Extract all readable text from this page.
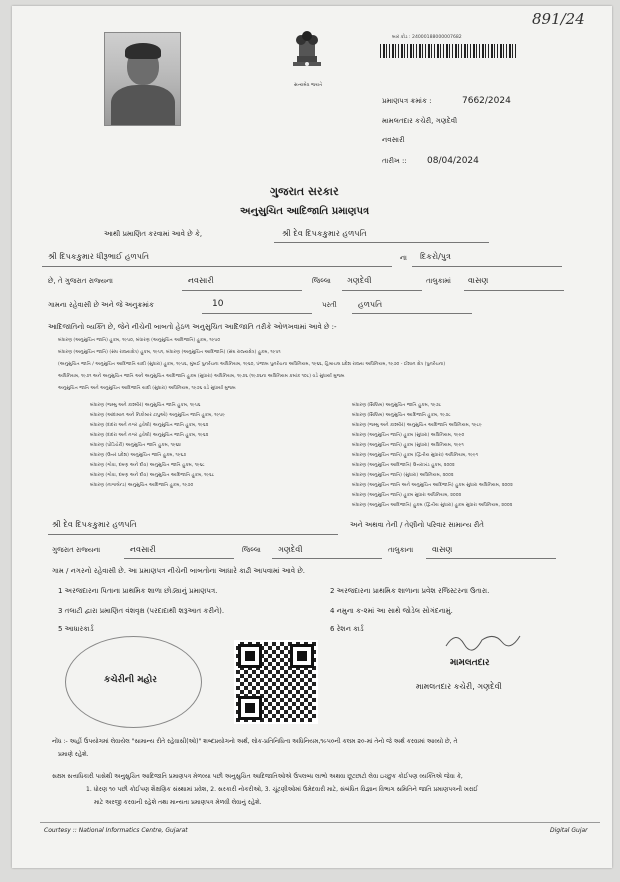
સત્યમેવ જયતે
બાર કોડ : 24000188000007682
891/24
પ્રમાણપત્ર ક્રમાંક :	7662/2024
મામલતદાર કચેરી, ગણદેવી
નવસારી
તારીખ :: 08/04/2024
ગુજરાત સરકાર
અનુસુચિત આદિજાતિ પ્રમાણપત્ર
આથી પ્રમાણિત કરવામાં આવે છે કે,	શ્રી દેવ દિપકકુમાર હળપતિ
શ્રી દિપકકુમાર ધીરૂભાઈ હળપતિ	ના દિકરો/પુત્ર
છે, તે ગુજરાત રાજ્યના	નવસારી	જિલ્લા ગણદેવી	તાલુકામાં વાસણ
ગામના રહેવાસી છે અને જે અનુક્રમાંક	10	પરતી	હળપતિ
આદિજાતિનો વ્યક્તિ છે, જેને નીચેની બાબતો હેઠળ અનુસુચિત આદિજાતિ તરીકે ઓળખવામાં આવે છે :-
બંધારણ (અનુસુચિત જાતિ) હુકમ, ૧૯૫૦, બંધારણ (અનુસુચિત આદિજાતિ) હુકમ, ૧૯૫૦
બંધારણ (અનુસુચિત જાતિ) (સંઘ રાજ્યક્ષેત્ર) હુકમ, ૧૯૫૧, બંધારણ (અનુસુચિત આદિજાતિ) (સંઘ રાજ્યક્ષેત્ર) હુકમ, ૧૯૫૧
(અનુસુચિત જાતિ / અનુસુચિત આદિજાતિ યાદી (સુધારા) હુકમ, ૧૯૫૬, મુંબઈ પુનર્રચના અધિનિયમ, ૧૯૬૦, પંજાબ પુનર્રચના અધિનિયમ, ૧૯૬૬, હિમાચલ પ્રદેશ રાજ્ય અધિનિયમ, ૧૯૭૦ - ઈશાન ક્ષેત્ર (પુનર્રચના)
અધિનિયમ, ૧૯૭૧ અને અનુસુચિત જાતિ અને અનુસુચિત આદિજાતિ હુકમ (સુધારા) અધિનિયમ, ૧૯૭૬ (૧૯૭૬ના અધિનિયમ ક્રમાંક ૧૦૮) વડે સુધાર્યા મુજબ
અનુસુચિત જાતિ અને અનુસુચિત આદિજાતિ યાદી (સુધારા) અધિનિયમ, ૧૯૭૬ વડે સુધાર્યા મુજબ
બંધારણ (જમ્મુ અને કાશ્મીર) અનુસુચિત જાતિ હુકમ, ૧૯૫૬
બંધારણ (આંદામાન અને નિકોબાર ટાપુઓ) અનુસુચિત જાતિ હુકમ, ૧૯૫૯
બંધારણ (દાદરા અને નગર હવેલી) અનુસુચિત જાતિ હુકમ, ૧૯૬૨
બંધારણ (દાદરા અને નગર હવેલી) અનુસુચિત જાતિ હુકમ, ૧૯૬૨
બંધારણ (પોંડિચેરી) અનુસુચિત જાતિ હુકમ, ૧૯૬૪
બંધારણ (ઉત્તર પ્રદેશ) અનુસુચિત જાતિ હુકમ, ૧૯૬૭
બંધારણ (ગોવા, દમણ અને દીવ) અનુસુચિત જાતિ હુકમ, ૧૯૬૮
બંધારણ (ગોવા, દમણ અને દીવ) અનુસુચિત આદિજાતિ હુકમ, ૧૯૬૮
બંધારણ (નાગાલેન્ડ) અનુસુચિત આદિજાતિ હુકમ, ૧૯૭૦
બંધારણ (સિક્કિમ) અનુસુચિત જાતિ હુકમ, ૧૯૭૮
બંધારણ (સિક્કિમ) અનુસુચિત આદિજાતિ હુકમ, ૧૯૭૮
બંધારણ (જમ્મુ અને કાશ્મીર) અનુસુચિત આદિજાતિ અધિનિયમ, ૧૯૮૯
બંધારણ (અનુસુચિત જાતિ) હુકમ (સુધારા) અધિનિયમ, ૧૯૯૦
બંધારણ (અનુસુચિત જાતિ) હુકમ (સુધારા) અધિનિયમ, ૧૯૯૧
બંધારણ (અનુસુચિત જાતિ) હુકમ (દ્વિતીય સુધારા) અધિનિયમ, ૧૯૯૧
બંધારણ (અનુસુચિત આદિજાતિ) ઉત્તરાખંડ હુકમ, ૨૦૦૨
બંધારણ (અનુસુચિત જાતિ) (સુધારા) અધિનિયમ, ૨૦૦૨
બંધારણ (અનુસુચિત જાતિ અને અનુસુચિત આદિજાતિ) હુકમ સુધારા અધિનિયમ, ૨૦૦૨
બંધારણ (અનુસુચિત જાતિ) હુકમ સુધારા અધિનિયમ, ૨૦૦૨
બંધારણ (અનુસુચિત આદિજાતિ) હુકમ (દ્વિતીય સુધારા) હુકમ સુધારા અધિનિયમ, ૨૦૦૨
શ્રી દેવ દિપકકુમાર હળપતિ	અને અથવા તેની / તેણીનો પરિવાર સામાન્ય રીતે
ગુજરાત રાજ્યના	નવસારી	જિલ્લા ગણદેવી	તાલુકાના વાસણ
ગામ / નગરનો રહેવાસી છે. આ પ્રમાણપત્ર નીચેની બાબતોના આધારે કાઢી આપવામાં આવે છે.
1 અરજદારના પિતાના પ્રાથમિક શાળા છોડ્યાનું પ્રમાણપત્ર.	2 અરજદારના પ્રાથમિક શાળાના પ્રવેશ રજિસ્ટરના ઉતારા.
3 તલાટી દ્વારા પ્રમાણિત વંશવૃક્ષ (પરદાદાથી શરૂઆત કરીને).	4 નમુના ક-૨માં આ સાથે જોડેલ સોગંદનામું.
5 આધારકાર્ડ	6 રેશન કાર્ડ
કચેરીની મહોર
મામલતદાર
મામલતદાર કચેરી, ગણદેવી
નોંધ :- અહીં ઉપયોગમાં લેવાયેલ "સામાન્ય રીતે રહેવાસી(ઓ)" શબ્દપ્રયોગનો અર્થ, લોક-પ્રતિનિધિત્વ અધિનિયમ,૧૯૫૦ની કલમ ૨૦-માં તેનો જે અર્થ કરવામાં આવ્યો છે, તે
પ્રમાણે રહેશે.
સક્ષમ સત્તાધિકારી પાસેથી અનુસુચિત આદિજાતિ પ્રમાણપત્ર મેળવ્યા પછી અનુસુચિત આદિજાતિઓએ ઉપલબ્ધ લાભો અથવા છૂટછાટો લેવા ઇચ્છુક કોઈપણ વ્યક્તિએ જેવા કે,
1. ધોરણ ૧૦ પછી કોઈપણ શૈક્ષણિક સંસ્થામાં પ્રવેશ, 2. સરકારી નોકરીઓ, 3. ચૂંટણીઓમાં ઉમેદવારી માટે, સંબંધિત વિજ્ઞાન વિભાગ સમિતિને જાતિ પ્રમાણપત્રની ખરાઈ
માટે અરજી કરવાની રહેશે તથા માન્યતા પ્રમાણપત્ર મેળવી લેવાનું રહેશે.
Courtesy :: National Informatics Centre, Gujarat	Digital Gujar
